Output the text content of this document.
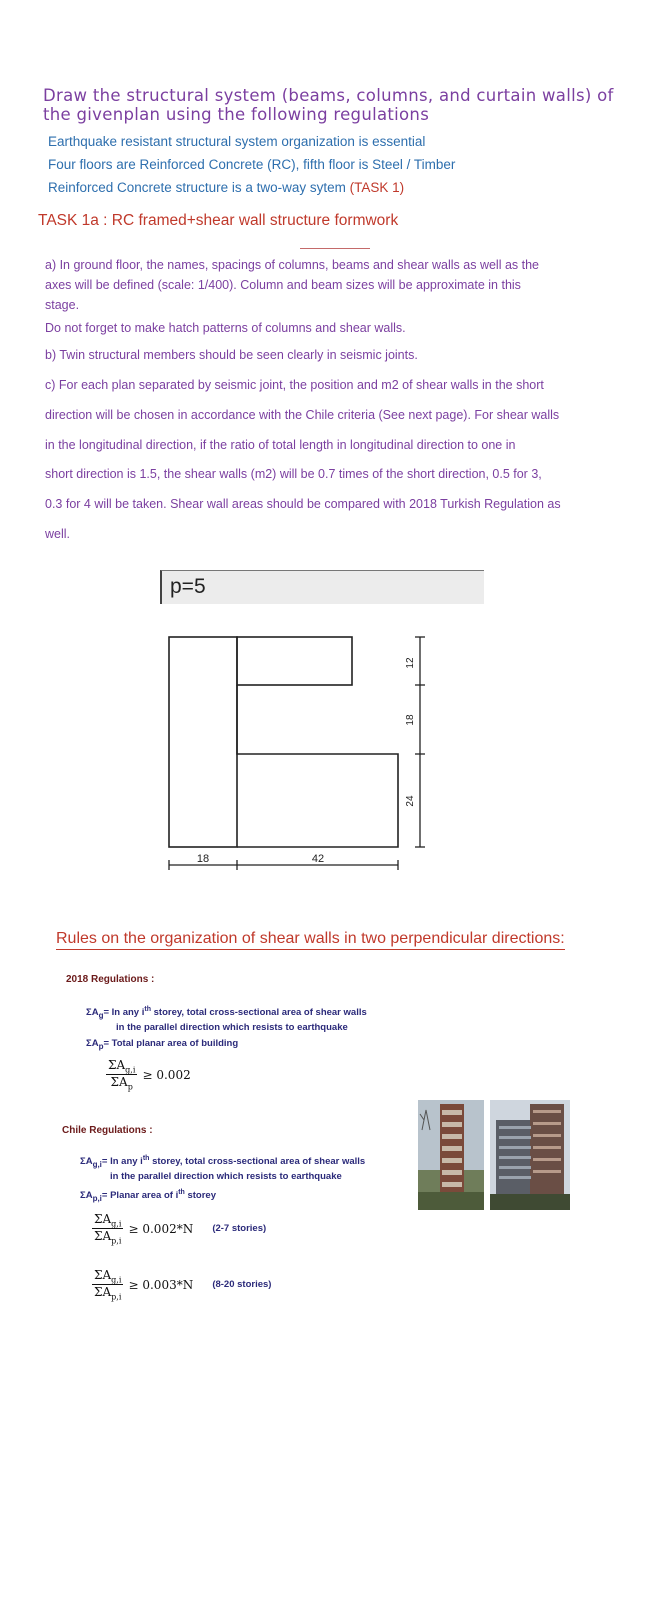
Draw the structural system (beams, columns, and curtain walls) of the givenplan using the following regulations

Earthquake resistant structural system organization is essential
Four floors are Reinforced Concrete (RC), fifth floor is Steel / Timber
Reinforced Concrete structure is a two-way sytem (TASK 1)

TASK 1a : RC framed+shear wall structure formwork

a) In ground floor, the names, spacings of columns, beams and shear walls as well as the

axes will be defined (scale: 1/400). Column and beam sizes will be approximate in this

stage.

Do not forget to make hatch patterns of columns and shear walls.

b) Twin structural members should be seen clearly in seismic joints.

c) For each plan separated by seismic joint, the position and m2 of shear walls in the short

direction will be chosen in accordance with the Chile criteria (See next page). For shear walls

in the longitudinal direction, if the ratio of total length in longitudinal direction to one in

short direction is 1.5, the shear walls (m2) will be 0.7 times of the short direction, 0.5 for 3,

0.3 for 4 will be taken. Shear wall areas should be compared with 2018 Turkish Regulation as

well.

p=5
12
18
24
18	42

Rules on the organization of shear walls in two perpendicular directions:

2018 Regulations :

$\Sigma A_g= In$ any $i^{th}$ storey, total cross-sectional area of shear walls
in the parallel direction which resists to earthquake
$\Sigma A_p=$ Total planar area of building
$\frac{\Sigma A_{g,i}}{\Sigma A_p} \ge 0.002$

Chile Regulations :

$\Sigma A_{g,i}= In$ any $i^{th}$ storey, total cross-sectional area of shear walls
in the parallel direction which resists to earthquake
$\Sigma A_{p,i}=$ Planar area of $i^{th}$ storey
$\frac{\Sigma A_{g,i}}{\Sigma A_{p,i}} \ge 0.002*N$ (2-7 stories)
$\frac{\Sigma A_{g,i}}{\Sigma A_{p,i}} \ge 0.003*N$ (8-20 stories)
